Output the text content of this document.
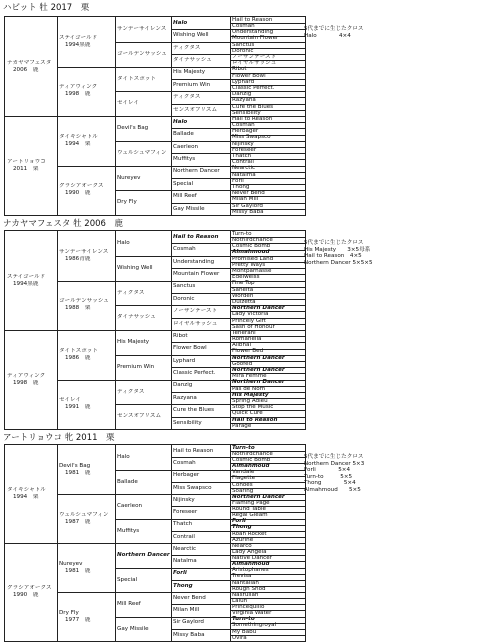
ハビット 牡 2017　栗
ナカヤマフェスタ
2006　鹿
アートリョウコ
2011　栗
ステイゴールド
1994黒鹿
ディアウィンク
1998　鹿
タイキシャトル
1994　栗
グラシアオークス
1990　鹿
サンデーサイレンス
ゴールデンサッシュ
タイトスポット
セイレイ
Devil's Bag
ウェルシュマフィン
Nureyev
Dry Fly
Halo
Wishing Well
ディクタス
ダイナサッシュ
His Majesty
Premium Win
ディクタス
センスオブリズム
Halo
Ballade
Caerleon
Muffitys
Northern Dancer
Special
Mill Reef
Gay Missile
Hail to Reason
Cosmah
Understanding
Mountain Flower
Sanctus
Doronic
ノーザンテースト
ロイヤルサッシュ
Ribot
Flower Bowl
Lyphard
Classic Perfect.
Danzig
Razyana
Cure the Blues
Sensibility
Hail to Reason
Cosmah
Herbager
Miss Swapsco
Nijinsky
Foreseer
Thatch
Contrail
Nearctic
Natalma
Forli
Thong
Never Bend
Milan Mill
Sir Gaylord
Missy Baba
5代までに生じたクロス
Halo　　　　4×4
ナカヤマフェスタ 牡 2006　鹿
ステイゴールド
1994黒鹿
ディアウィンク
1998　鹿
サンデーサイレンス
1986青鹿
ゴールデンサッシュ
1988　栗
タイトスポット
1986　鹿
セイレイ
1991　鹿
Halo
Wishing Well
ディクタス
ダイナサッシュ
His Majesty
Premium Win
ディクタス
センスオブリズム
Hail to Reason
Cosmah
Understanding
Mountain Flower
Sanctus
Doronic
ノーザンテースト
ロイヤルサッシュ
Ribot
Flower Bowl
Lyphard
Classic Perfect.
Danzig
Razyana
Cure the Blues
Sensibility
Turn-to
Nothirdchance
Cosmic Bomb
Almahmoud
Promised Land
Pretty Ways
Montparnasse
Edelweiss
Fine Top
Sanelta
Worden
Dulzetta
Northern Dancer
Lady Victoria
Princely Gift
Sash of Honour
Tenerani
Romanella
Alibhai
Flower Bed
Northern Dancer
Goofed
Northern Dancer
Mira Femme
Northern Dancer
Pas de Nom
His Majesty
Spring Adieu
Stop the Music
Quick Cure
Hail to Reason
Parage
5代までに生じたクロス
His Majesty　　3×5母系
Hail to Reason　4×5
Northern Dancer 5×5×5
アートリョウコ 牝 2011　栗
タイキシャトル
1994　栗
グラシアオークス
1990　鹿
Devil's Bag
1981　鹿
ウェルシュマフィン
1987　鹿
Nureyev
1981　鹿
Dry Fly
1977　鹿
Halo
Ballade
Caerleon
Muffitys
Northern Dancer
Special
Mill Reef
Gay Missile
Hail to Reason
Cosmah
Herbager
Miss Swapsco
Nijinsky
Foreseer
Thatch
Contrail
Nearctic
Natalma
Forli
Thong
Never Bend
Milan Mill
Sir Gaylord
Missy Baba
Turn-to
Nothirdchance
Cosmic Bomb
Almahmoud
Vandale
Flagette
Cohoes
Soaring
Northern Dancer
Flaming Page
Round Table
Regal Gleam
Forli
Thong
Roan Rocket
Azurine
Nearco
Lady Angela
Native Dancer
Almahmoud
Aristophanes
Trevisa
Nantallah
Rough Shod
Nasrullah
Lalun
Princequillo
Virginia Water
Turn-to
Somethingroyal
My Babu
Uvira
5代までに生じたクロス
Northern Dancer 5×3
Forli　　　　5×4
Turn-to　　　5×5
Thong　　　　5×4
Almahmoud　　5×5
